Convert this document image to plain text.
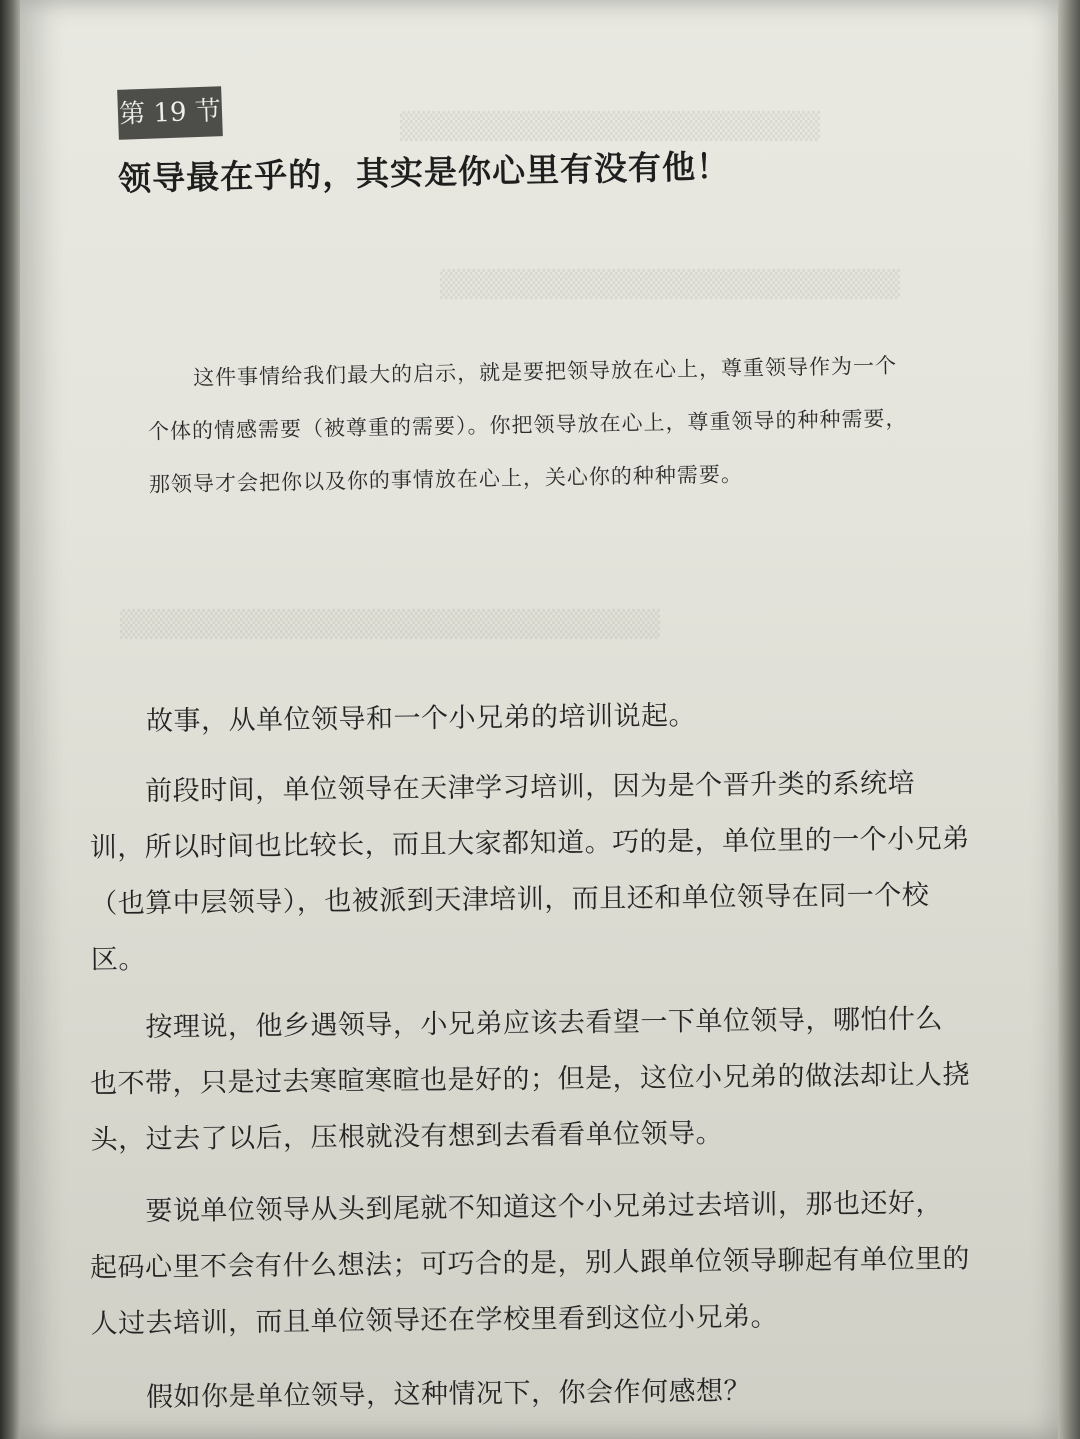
▒▒▒▒▒▒▒▒▒▒▒▒▒▒▒▒▒▒▒▒▒
▒▒▒▒▒▒▒▒▒▒▒▒▒▒▒▒▒▒▒▒▒▒▒
▒▒▒▒▒▒▒▒▒▒▒▒▒▒▒▒▒▒▒▒▒▒▒▒▒▒▒
第 19 节
领导最在乎的，其实是你心里有没有他！
这件事情给我们最大的启示，就是要把领导放在心上，尊重领导作为一个个体的情感需要（被尊重的需要）。你把领导放在心上，尊重领导的种种需要，那领导才会把你以及你的事情放在心上，关心你的种种需要。
故事，从单位领导和一个小兄弟的培训说起。
前段时间，单位领导在天津学习培训，因为是个晋升类的系统培训，所以时间也比较长，而且大家都知道。巧的是，单位里的一个小兄弟（也算中层领导），也被派到天津培训，而且还和单位领导在同一个校区。
按理说，他乡遇领导，小兄弟应该去看望一下单位领导，哪怕什么也不带，只是过去寒暄寒暄也是好的；但是，这位小兄弟的做法却让人挠头，过去了以后，压根就没有想到去看看单位领导。
要说单位领导从头到尾就不知道这个小兄弟过去培训，那也还好，起码心里不会有什么想法；可巧合的是，别人跟单位领导聊起有单位里的人过去培训，而且单位领导还在学校里看到这位小兄弟。
假如你是单位领导，这种情况下，你会作何感想？
